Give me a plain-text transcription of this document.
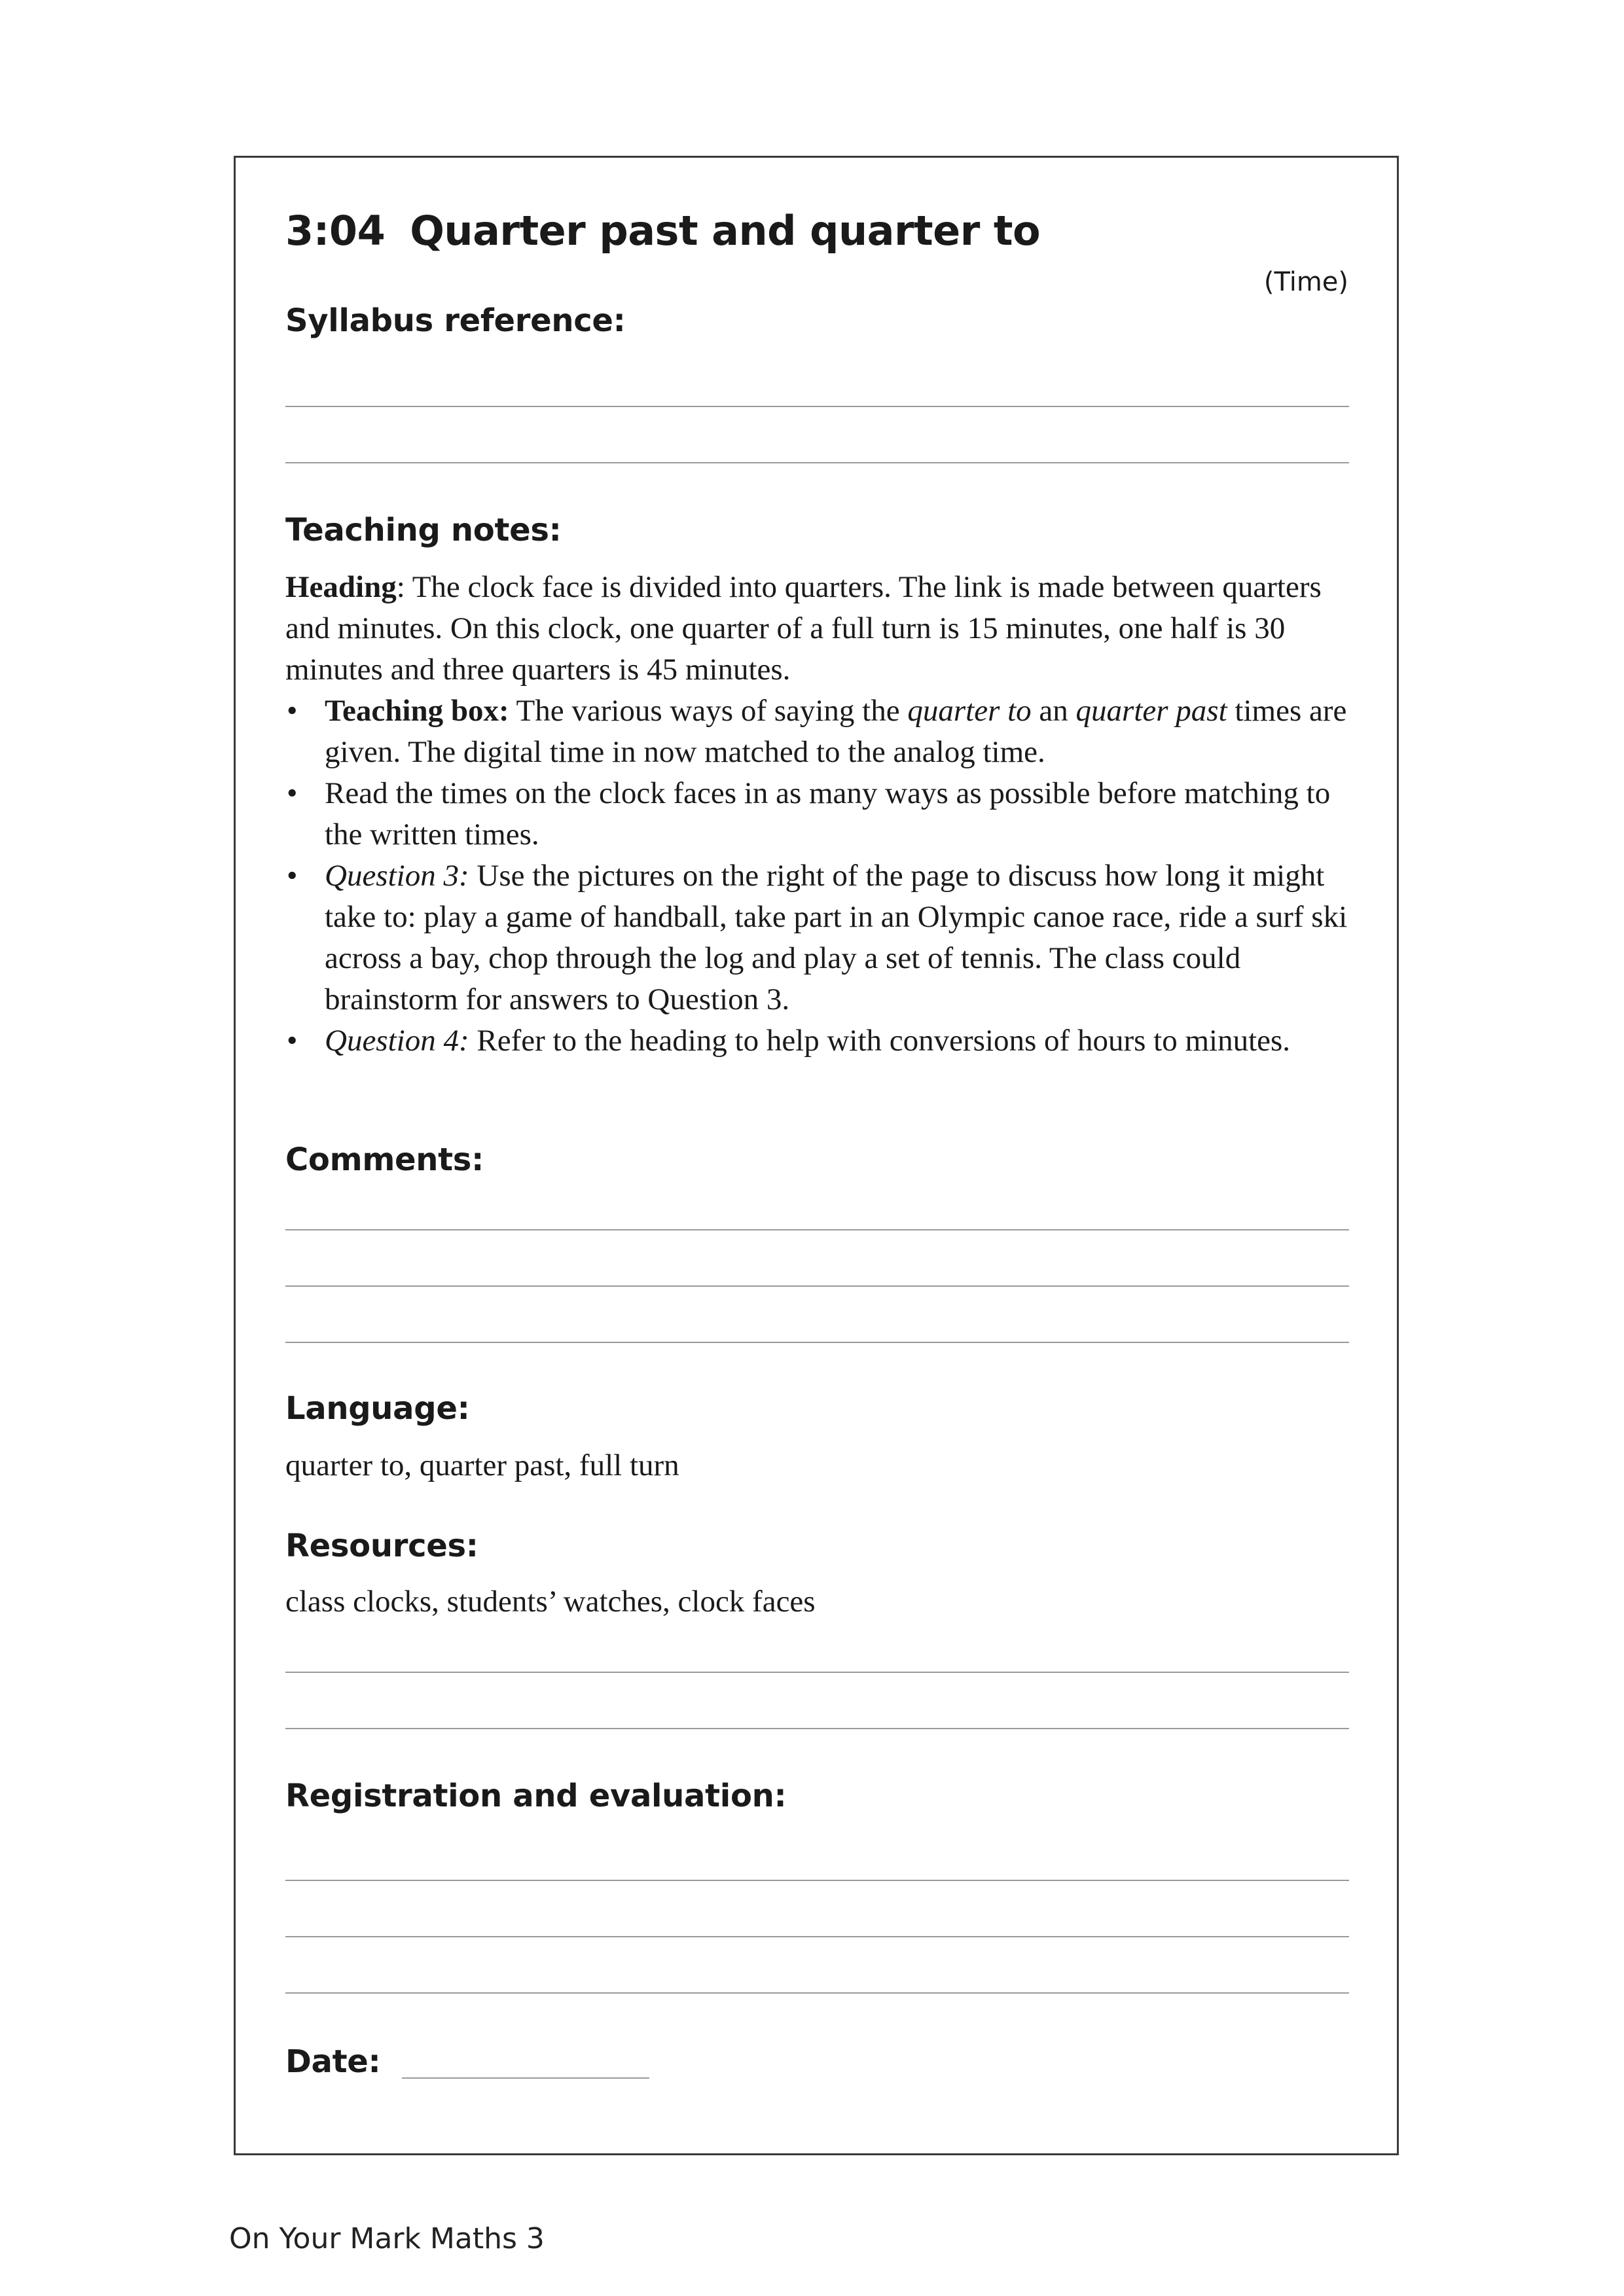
3:04 Quarter past and quarter to
(Time)
Syllabus reference:
Teaching notes:

Heading: The clock face is divided into quarters. The link is made between quarters and minutes. On this clock, one quarter of a full turn is 15 minutes, one half is 30 minutes and three quarters is 45 minutes.

• Teaching box: The various ways of saying the quarter to an quarter past times are given. The digital time in now matched to the analog time.
• Read the times on the clock faces in as many ways as possible before matching to the written times.
• Question 3: Use the pictures on the right of the page to discuss how long it might take to: play a game of handball, take part in an Olympic canoe race, ride a surf ski across a bay, chop through the log and play a set of tennis. The class could brainstorm for answers to Question 3.
• Question 4: Refer to the heading to help with conversions of hours to minutes.
Comments:
Language:
quarter to, quarter past, full turn
Resources:
class clocks, students’ watches, clock faces
Registration and evaluation:
Date:
On Your Mark Maths 3
